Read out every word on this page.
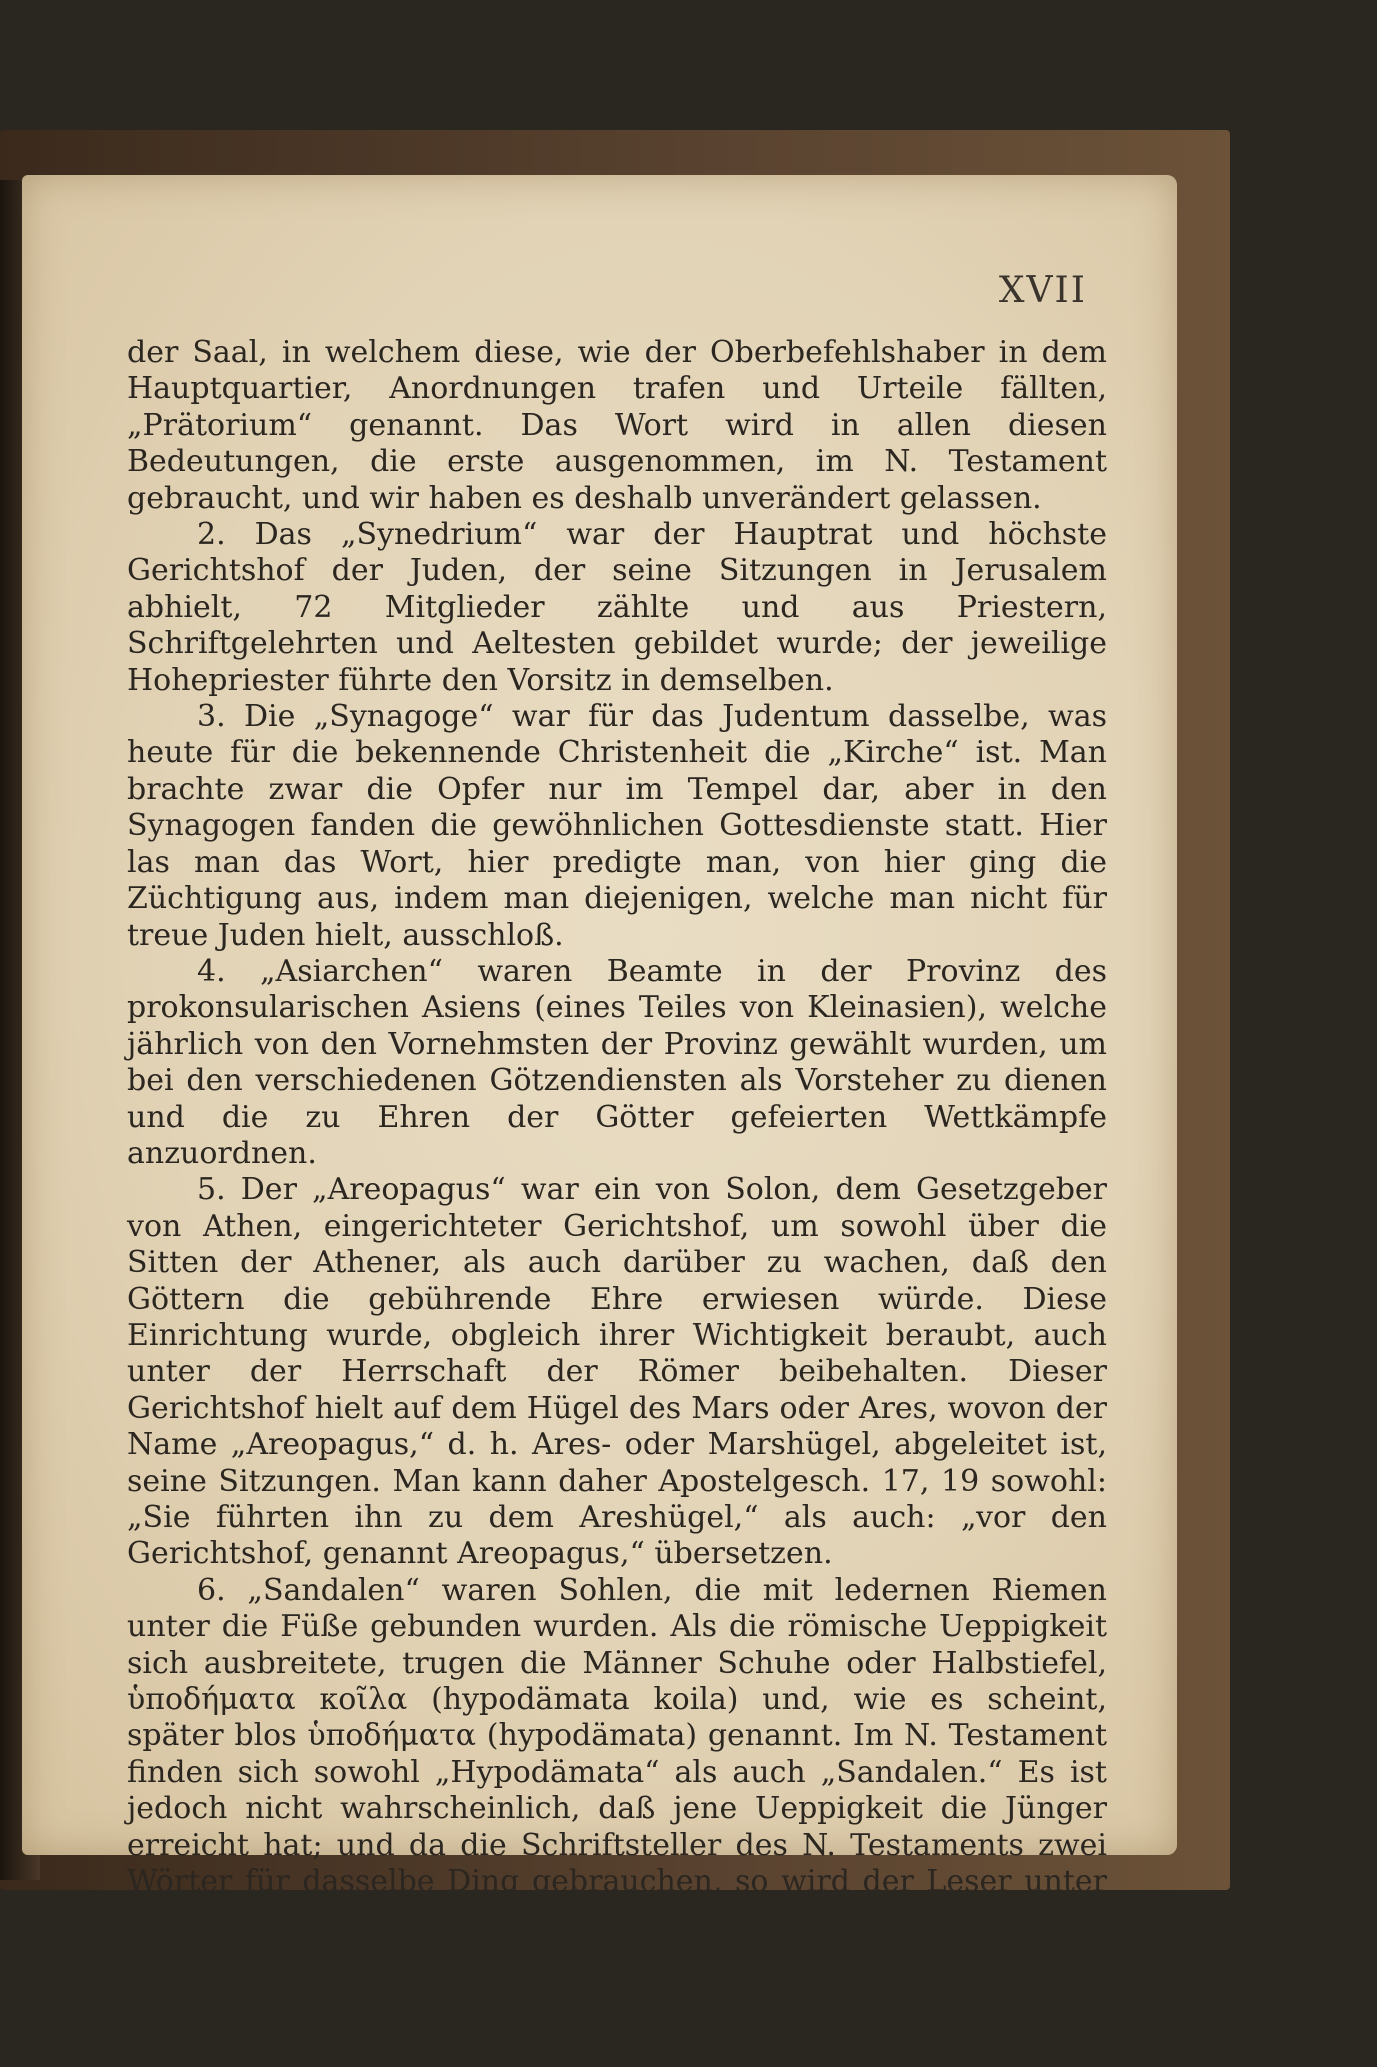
XVII

der Saal, in welchem diese, wie der Oberbefehlshaber in dem Hauptquartier, Anordnungen trafen und Urteile fällten, „Prätorium“ genannt. Das Wort wird in allen diesen Bedeutungen, die erste ausgenommen, im N. Testament gebraucht, und wir haben es deshalb unverändert gelassen.

2. Das „Synedrium“ war der Hauptrat und höchste Gerichtshof der Juden, der seine Sitzungen in Jerusalem abhielt, 72 Mitglieder zählte und aus Priestern, Schriftgelehrten und Aeltesten gebildet wurde; der jeweilige Hohepriester führte den Vorsitz in demselben.

3. Die „Synagoge“ war für das Judentum dasselbe, was heute für die bekennende Christenheit die „Kirche“ ist. Man brachte zwar die Opfer nur im Tempel dar, aber in den Synagogen fanden die gewöhnlichen Gottesdienste statt. Hier las man das Wort, hier predigte man, von hier ging die Züchtigung aus, indem man diejenigen, welche man nicht für treue Juden hielt, ausschloß.

4. „Asiarchen“ waren Beamte in der Provinz des prokonsularischen Asiens (eines Teiles von Kleinasien), welche jährlich von den Vornehmsten der Provinz gewählt wurden, um bei den verschiedenen Götzendiensten als Vorsteher zu dienen und die zu Ehren der Götter gefeierten Wettkämpfe anzuordnen.

5. Der „Areopagus“ war ein von Solon, dem Gesetzgeber von Athen, eingerichteter Gerichtshof, um sowohl über die Sitten der Athener, als auch darüber zu wachen, daß den Göttern die gebührende Ehre erwiesen würde. Diese Einrichtung wurde, obgleich ihrer Wichtigkeit beraubt, auch unter der Herrschaft der Römer beibehalten. Dieser Gerichtshof hielt auf dem Hügel des Mars oder Ares, wovon der Name „Areopagus,“ d. h. Ares- oder Marshügel, abgeleitet ist, seine Sitzungen. Man kann daher Apostelgesch. 17, 19 sowohl: „Sie führten ihn zu dem Areshügel,“ als auch: „vor den Gerichtshof, genannt Areopagus,“ übersetzen.

6. „Sandalen“ waren Sohlen, die mit ledernen Riemen unter die Füße gebunden wurden. Als die römische Ueppigkeit sich ausbreitete, trugen die Männer Schuhe oder Halbstiefel, ὑποδήματα κοῖλα (hypodämata koila) und, wie es scheint, später blos ὑποδήματα (hypodämata) genannt. Im N. Testament finden sich sowohl „Hypodämata“ als auch „Sandalen.“ Es ist jedoch nicht wahrscheinlich, daß jene Ueppigkeit die Jünger erreicht hat; und da die Schriftsteller des N. Testaments zwei Wörter für dasselbe Ding gebrauchen, so wird der Leser unter „Sandalen“
